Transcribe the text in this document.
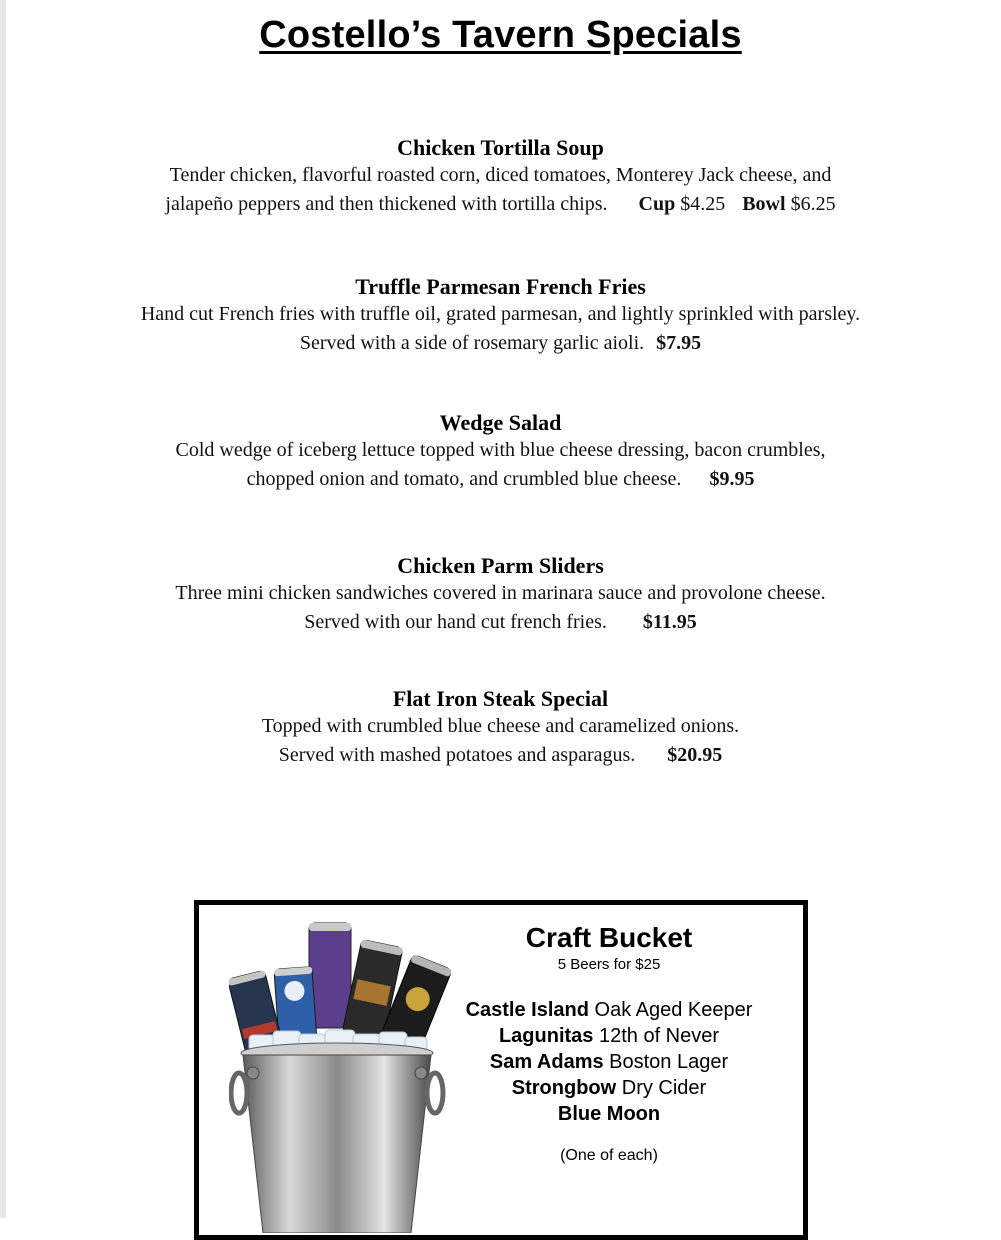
Costello’s Tavern Specials
Chicken Tortilla Soup

Tender chicken, flavorful roasted corn, diced tomatoes, Monterey Jack cheese, and

jalapeño peppers and then thickened with tortilla chips. Cup $4.25 Bowl $6.25

Truffle Parmesan French Fries

Hand cut French fries with truffle oil, grated parmesan, and lightly sprinkled with parsley.

Served with a side of rosemary garlic aioli. $7.95

Wedge Salad

Cold wedge of iceberg lettuce topped with blue cheese dressing, bacon crumbles,

chopped onion and tomato, and crumbled blue cheese. $9.95

Chicken Parm Sliders

Three mini chicken sandwiches covered in marinara sauce and provolone cheese.

Served with our hand cut french fries. $11.95

Flat Iron Steak Special

Topped with crumbled blue cheese and caramelized onions.

Served with mashed potatoes and asparagus. $20.95

Craft Bucket
5 Beers for $25
Castle Island Oak Aged Keeper
Lagunitas 12th of Never
Sam Adams Boston Lager
Strongbow Dry Cider
Blue Moon
(One of each)
